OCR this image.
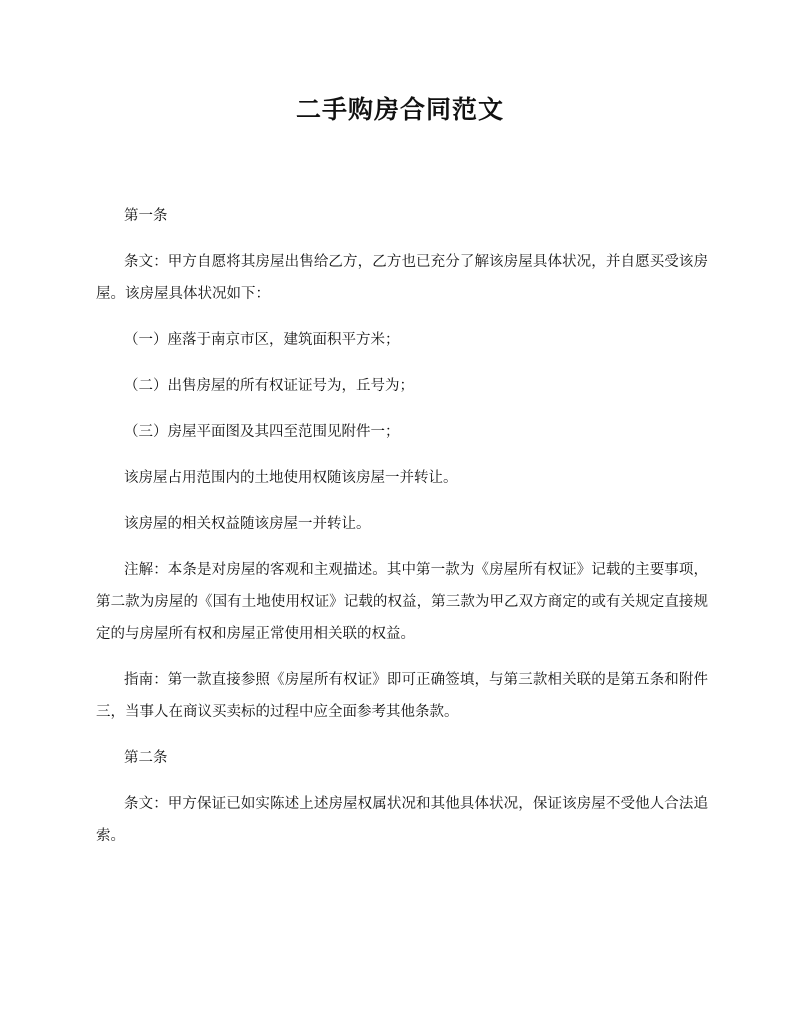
二手购房合同范文

第一条

条文：甲方自愿将其房屋出售给乙方，乙方也已充分了解该房屋具体状况，并自愿买受该房屋。该房屋具体状况如下：

（一）座落于南京市区，建筑面积平方米；

（二）出售房屋的所有权证证号为，丘号为；

（三）房屋平面图及其四至范围见附件一；

该房屋占用范围内的土地使用权随该房屋一并转让。

该房屋的相关权益随该房屋一并转让。

注解：本条是对房屋的客观和主观描述。其中第一款为《房屋所有权证》记载的主要事项，第二款为房屋的《国有土地使用权证》记载的权益，第三款为甲乙双方商定的或有关规定直接规定的与房屋所有权和房屋正常使用相关联的权益。

指南：第一款直接参照《房屋所有权证》即可正确签填，与第三款相关联的是第五条和附件三，当事人在商议买卖标的过程中应全面参考其他条款。

第二条

条文：甲方保证已如实陈述上述房屋权属状况和其他具体状况，保证该房屋不受他人合法追索。
